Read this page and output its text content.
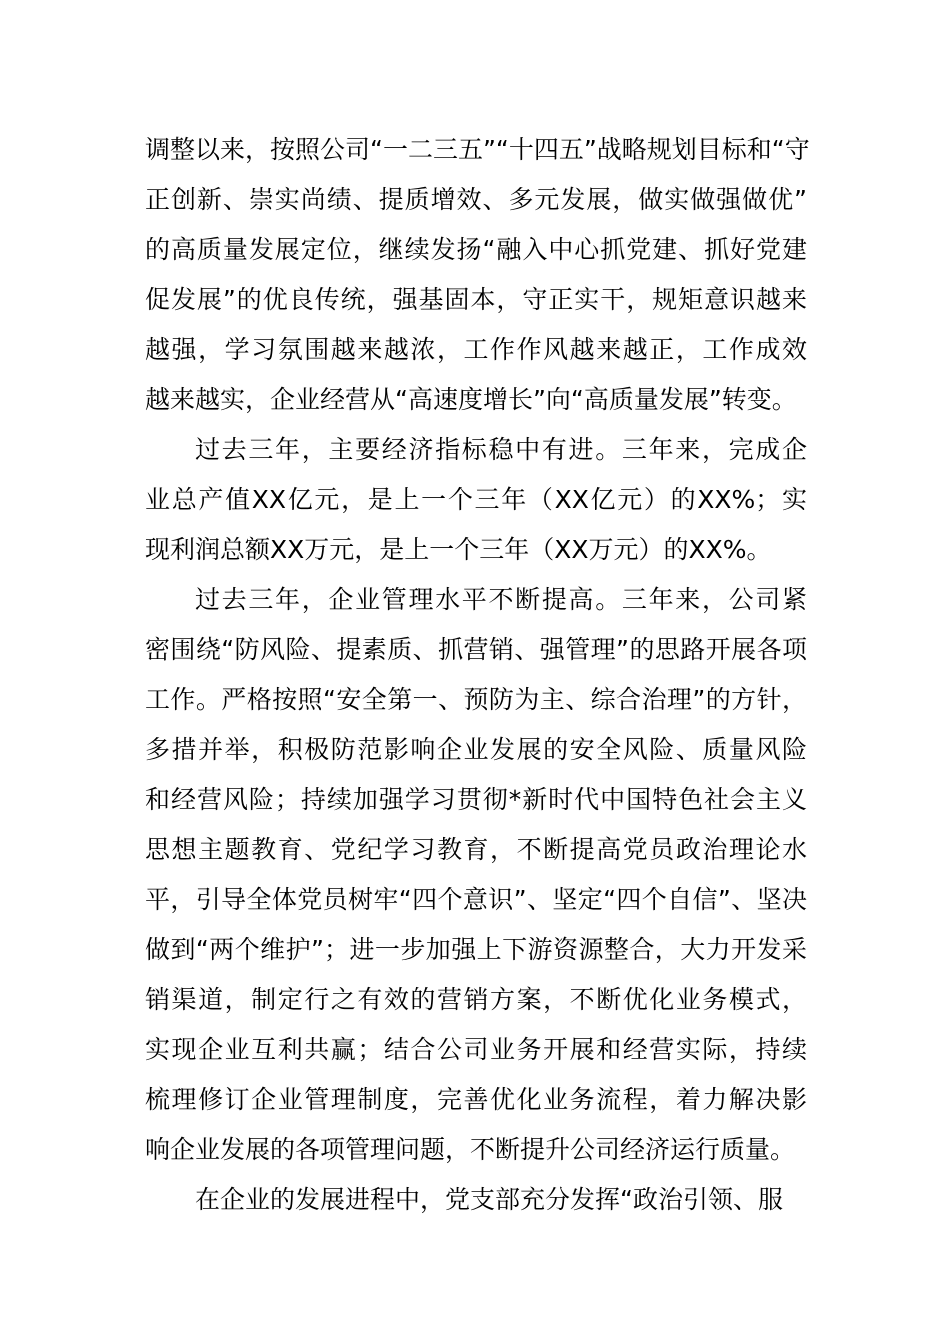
调整以来，按照公司“一二三五”“十四五”战略规划目标和“守
正创新、崇实尚绩、提质增效、多元发展，做实做强做优”
的高质量发展定位，继续发扬“融入中心抓党建、抓好党建
促发展”的优良传统，强基固本，守正实干，规矩意识越来
越强，学习氛围越来越浓，工作作风越来越正，工作成效
越来越实，企业经营从“高速度增长”向“高质量发展”转变。
过去三年，主要经济指标稳中有进。三年来，完成企
业总产值XX亿元，是上一个三年（XX亿元）的XX%；实
现利润总额XX万元，是上一个三年（XX万元）的XX%。
过去三年，企业管理水平不断提高。三年来，公司紧
密围绕“防风险、提素质、抓营销、强管理”的思路开展各项
工作。严格按照“安全第一、预防为主、综合治理”的方针，
多措并举，积极防范影响企业发展的安全风险、质量风险
和经营风险；持续加强学习贯彻*新时代中国特色社会主义
思想主题教育、党纪学习教育，不断提高党员政治理论水
平，引导全体党员树牢“四个意识”、坚定“四个自信”、坚决
做到“两个维护”；进一步加强上下游资源整合，大力开发采
销渠道，制定行之有效的营销方案，不断优化业务模式，
实现企业互利共赢；结合公司业务开展和经营实际，持续
梳理修订企业管理制度，完善优化业务流程，着力解决影
响企业发展的各项管理问题，不断提升公司经济运行质量。
在企业的发展进程中，党支部充分发挥“政治引领、服
